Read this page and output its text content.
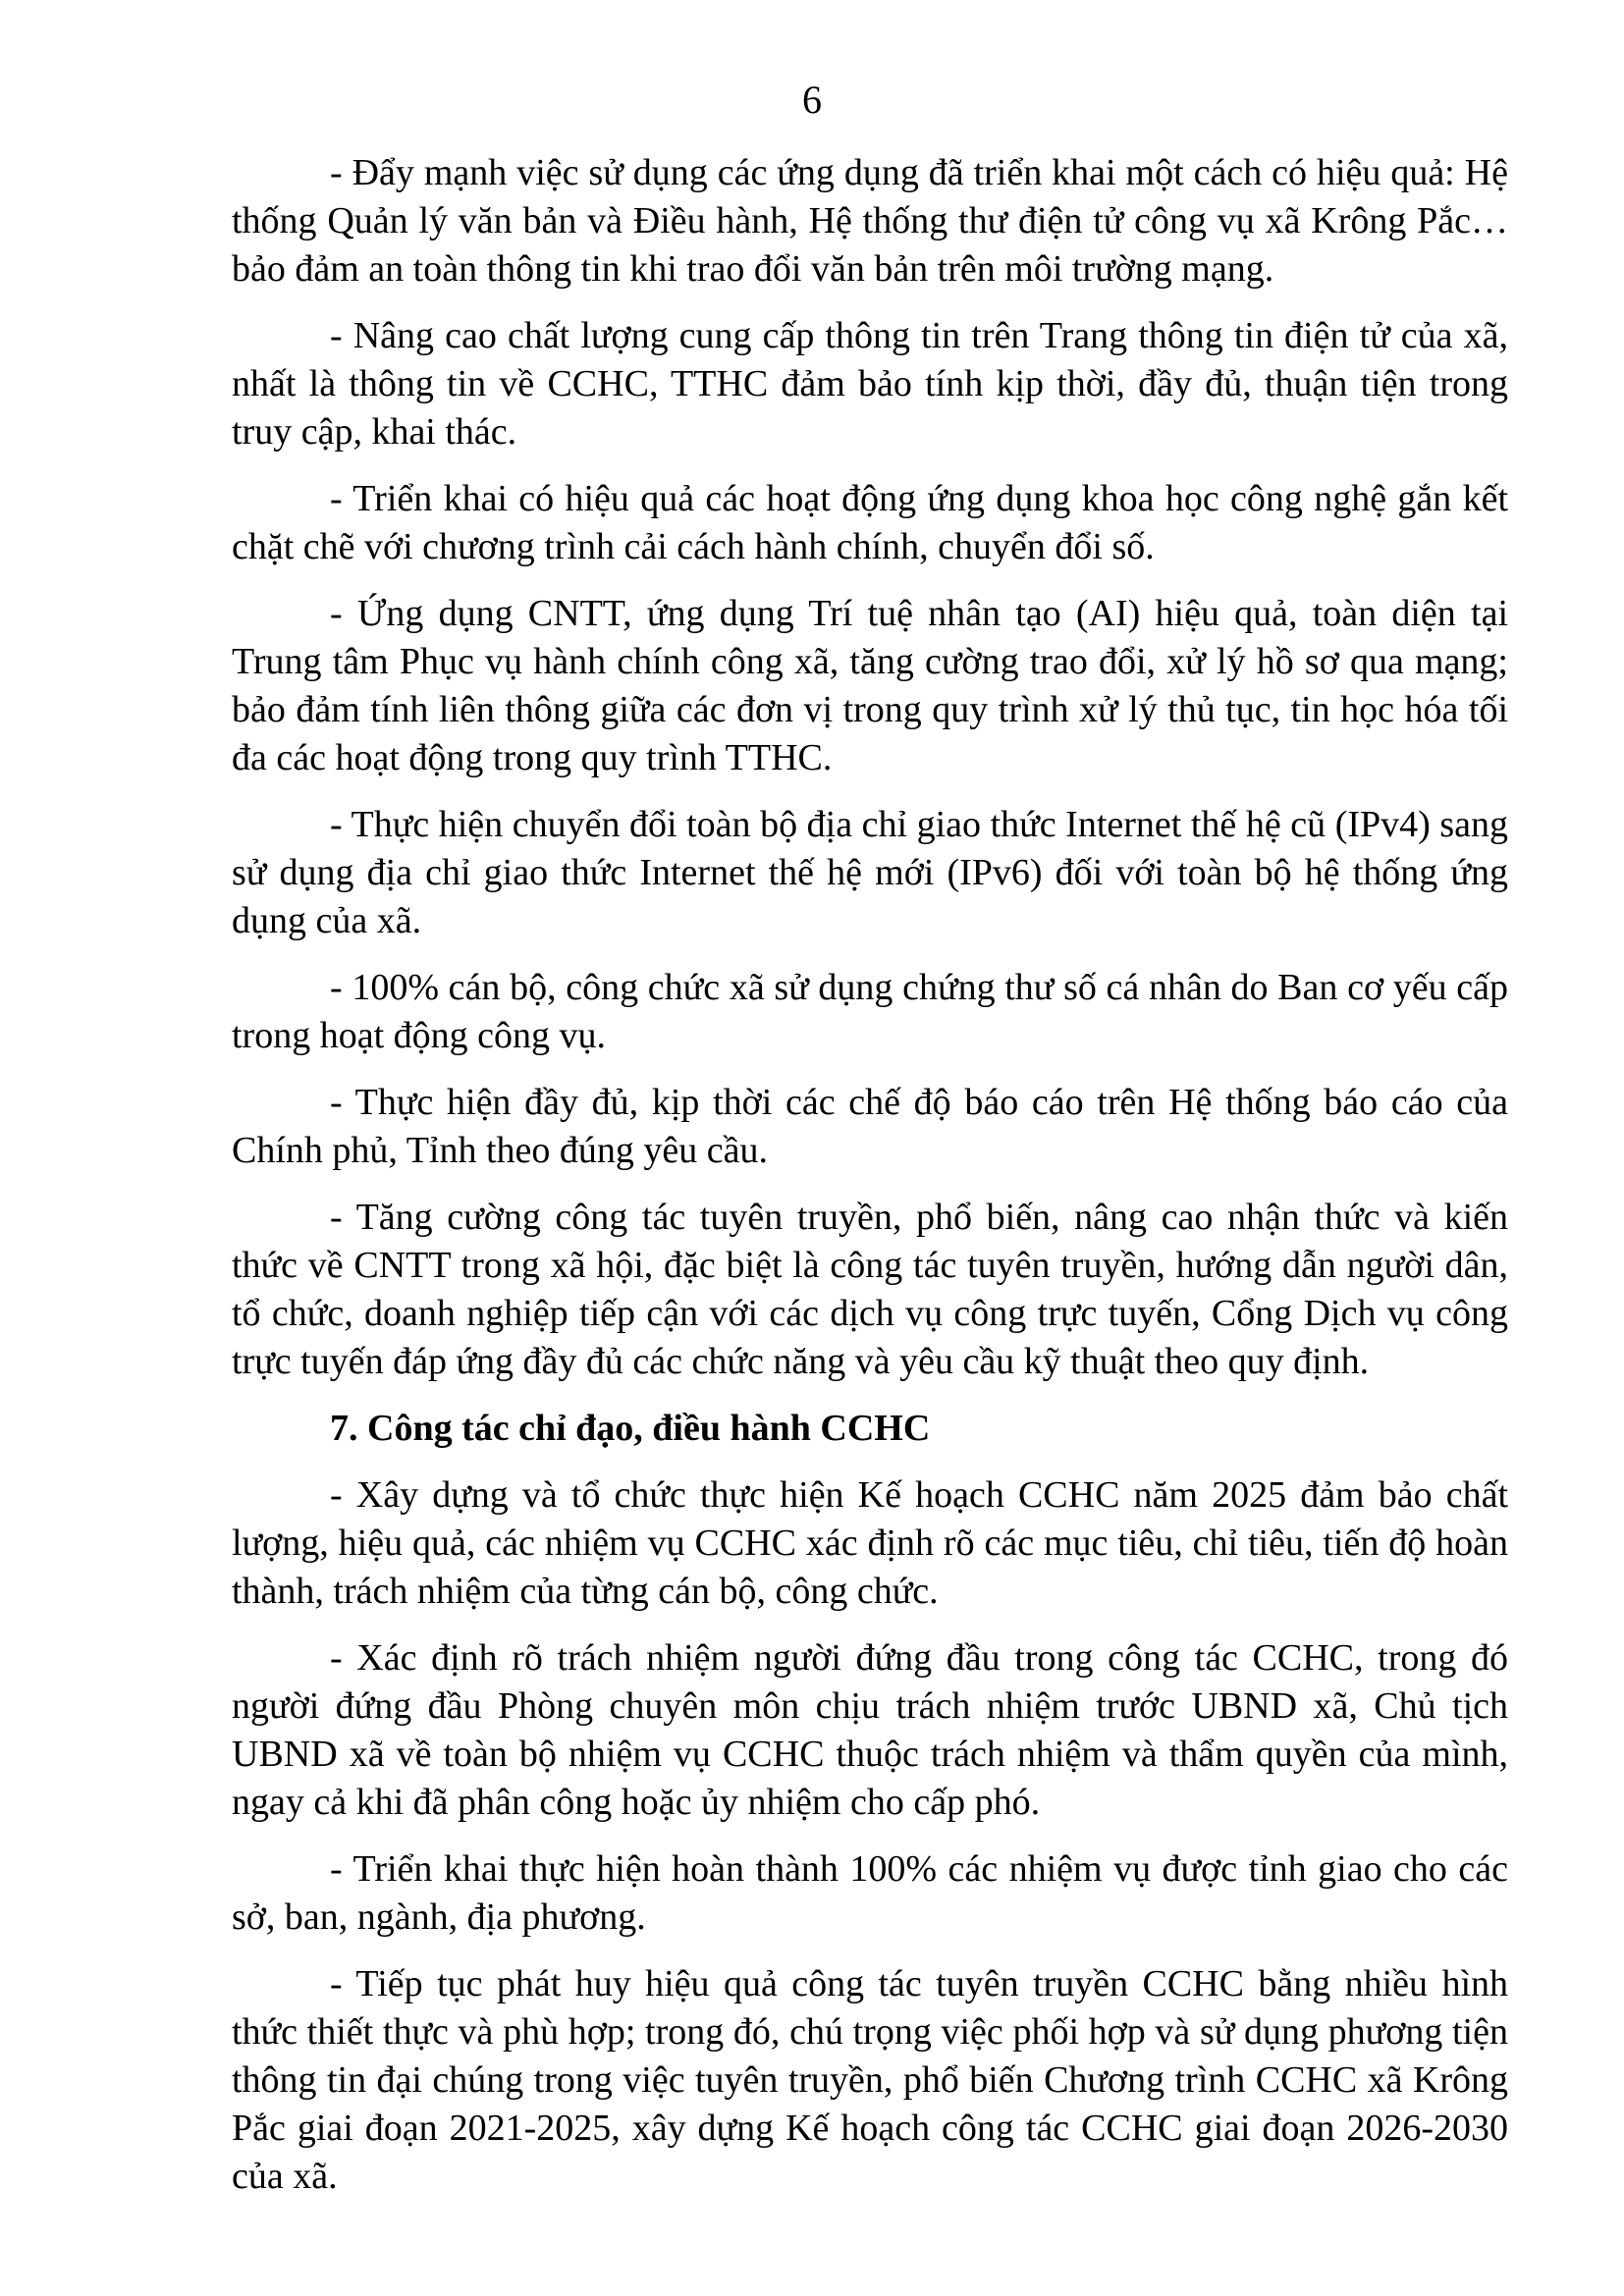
6

- Đẩy mạnh việc sử dụng các ứng dụng đã triển khai một cách có hiệu quả: Hệ thống Quản lý văn bản và Điều hành, Hệ thống thư điện tử công vụ xã Krông Pắc…bảo đảm an toàn thông tin khi trao đổi văn bản trên môi trường mạng.

- Nâng cao chất lượng cung cấp thông tin trên Trang thông tin điện tử của xã, nhất là thông tin về CCHC, TTHC đảm bảo tính kịp thời, đầy đủ, thuận tiện trong truy cập, khai thác.

- Triển khai có hiệu quả các hoạt động ứng dụng khoa học công nghệ gắn kết chặt chẽ với chương trình cải cách hành chính, chuyển đổi số.

- Ứng dụng CNTT, ứng dụng Trí tuệ nhân tạo (AI) hiệu quả, toàn diện tại Trung tâm Phục vụ hành chính công xã, tăng cường trao đổi, xử lý hồ sơ qua mạng; bảo đảm tính liên thông giữa các đơn vị trong quy trình xử lý thủ tục, tin học hóa tối đa các hoạt động trong quy trình TTHC.

- Thực hiện chuyển đổi toàn bộ địa chỉ giao thức Internet thế hệ cũ (IPv4) sang sử dụng địa chỉ giao thức Internet thế hệ mới (IPv6) đối với toàn bộ hệ thống ứng dụng của xã.

- 100% cán bộ, công chức xã sử dụng chứng thư số cá nhân do Ban cơ yếu cấp trong hoạt động công vụ.

- Thực hiện đầy đủ, kịp thời các chế độ báo cáo trên Hệ thống báo cáo của Chính phủ, Tỉnh theo đúng yêu cầu.

- Tăng cường công tác tuyên truyền, phổ biến, nâng cao nhận thức và kiến thức về CNTT trong xã hội, đặc biệt là công tác tuyên truyền, hướng dẫn người dân, tổ chức, doanh nghiệp tiếp cận với các dịch vụ công trực tuyến, Cổng Dịch vụ công trực tuyến đáp ứng đầy đủ các chức năng và yêu cầu kỹ thuật theo quy định.

7. Công tác chỉ đạo, điều hành CCHC

- Xây dựng và tổ chức thực hiện Kế hoạch CCHC năm 2025 đảm bảo chất lượng, hiệu quả, các nhiệm vụ CCHC xác định rõ các mục tiêu, chỉ tiêu, tiến độ hoàn thành, trách nhiệm của từng cán bộ, công chức.

- Xác định rõ trách nhiệm người đứng đầu trong công tác CCHC, trong đó người đứng đầu Phòng chuyên môn chịu trách nhiệm trước UBND xã, Chủ tịch UBND xã về toàn bộ nhiệm vụ CCHC thuộc trách nhiệm và thẩm quyền của mình, ngay cả khi đã phân công hoặc ủy nhiệm cho cấp phó.

- Triển khai thực hiện hoàn thành 100% các nhiệm vụ được tỉnh giao cho các sở, ban, ngành, địa phương.

- Tiếp tục phát huy hiệu quả công tác tuyên truyền CCHC bằng nhiều hình thức thiết thực và phù hợp; trong đó, chú trọng việc phối hợp và sử dụng phương tiện thông tin đại chúng trong việc tuyên truyền, phổ biến Chương trình CCHC xã Krông Pắc giai đoạn 2021-2025, xây dựng Kế hoạch công tác CCHC giai đoạn 2026-2030 của xã.
